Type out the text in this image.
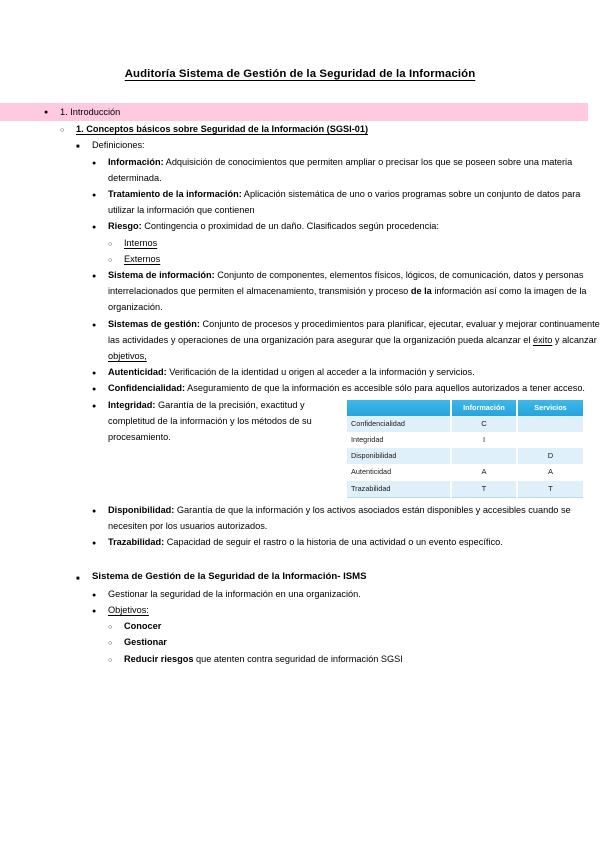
Auditoría Sistema de Gestión de la Seguridad de la Información
●
1. Introducción
○
1. Conceptos básicos sobre Seguridad de la Información (SGSI-01)
■
Definiciones:
●
Información: Adquisición de conocimientos que permiten ampliar o precisar los que se poseen sobre una materia determinada.
●
Tratamiento de la información: Aplicación sistemática de uno o varios programas sobre un conjunto de datos para utilizar la información que contienen
●
Riesgo: Contingencia o proximidad de un daño. Clasificados según procedencia:
○
Internos
○
Externos
●
Sistema de información: Conjunto de componentes, elementos físicos, lógicos, de comunicación, datos y personas interrelacionados que permiten el almacenamiento, transmisión y proceso de la información así como la imagen de la organización.
●
Sistemas de gestión: Conjunto de procesos y procedimientos para planificar, ejecutar, evaluar y mejorar continuamente las actividades y operaciones de una organización para asegurar que la organización pueda alcanzar el éxito y alcanzar objetivos,
●
Autenticidad: Verificación de la identidad u origen al acceder a la información y servicios.
●
Confidencialidad: Aseguramiento de que la información es accesible sólo para aquellos autorizados a tener acceso.
●
	Información	Servicios
Confidencialidad	C	
Integridad	I	
Disponibilidad		D
Autenticidad	A	A
Trazabilidad	T	T
Integridad: Garantía de la precisión, exactitud y completitud de la información y los métodos de su procesamiento.
●
Disponibilidad: Garantía de que la información y los activos asociados están disponibles y accesibles cuando se necesiten por los usuarios autorizados.
●
Trazabilidad: Capacidad de seguir el rastro o la historia de una actividad o un evento específico.
■
Sistema de Gestión de la Seguridad de la Información- ISMS
●
Gestionar la seguridad de la información en una organización.
●
Objetivos:
○
Conocer
○
Gestionar
○
Reducir riesgos que atenten contra seguridad de información SGSI
